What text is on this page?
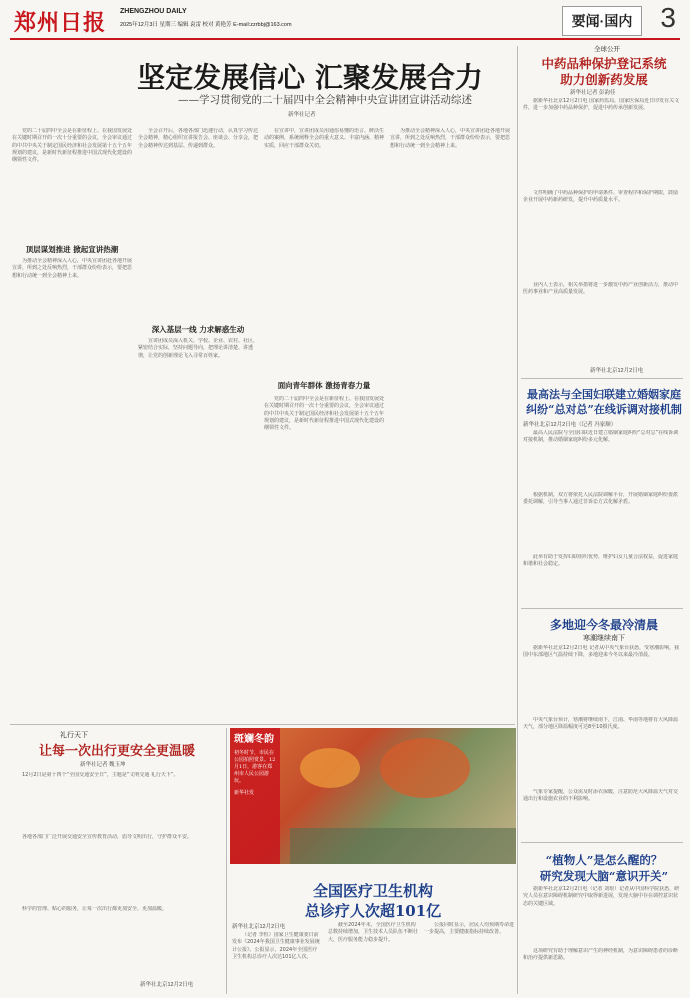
郑州日报 ZHENGZHOU DAILY
2025年12月3日 星期三 编辑 袁雷 校对 黄艳芳 E-mail:zzrbbj@163.com	要闻·国内	3
坚定发展信心 汇聚发展合力
——学习贯彻党的二十届四中全会精神中央宣讲团宣讲活动综述
新华社记者
党的二十届四中全会是在新征程上、在我国发展处在关键时期召开的一次十分重要的会议，全会审议通过的中共中央关于制定国民经济和社会发展第十五个五年规划的建议，是新时代新征程推进中国式现代化建设的纲领性文件。
顶层谋划推进 掀起宣讲热潮
为推动全会精神深入人心，中央宣讲团赴各地开展宣讲，所到之处反响热烈，干部群众纷纷表示，要把思想和行动统一到全会精神上来。
全会召开后，各地各部门迅速行动，认真学习传达全会精神，精心组织宣讲报告会、座谈会、分享会，把全会精神传达到基层、传递到群众。
深入基层一线 力求解惑生动
宣讲团成员深入机关、学校、企业、农村、社区，紧密结合实际，坚持问题导向，把理论讲清楚、讲透彻，让党的创新理论飞入寻常百姓家。
在宣讲中，宣讲团成员用通俗易懂的语言、鲜活生动的案例，系统阐释全会的重大意义、丰富内涵、精神实质，回应干部群众关切。
面向青年群体 激扬青春力量
党的二十届四中全会是在新征程上、在我国发展处在关键时期召开的一次十分重要的会议，全会审议通过的中共中央关于制定国民经济和社会发展第十五个五年规划的建议，是新时代新征程推进中国式现代化建设的纲领性文件。
为推动全会精神深入人心，中央宣讲团赴各地开展宣讲，所到之处反响热烈，干部群众纷纷表示，要把思想和行动统一到全会精神上来。
全球公开
中药品种保护登记系统
助力创新药发展
新华社记者 彭韵佳
据新华社北京12月2日电 国家药监局、国家医保局近日印发有关文件，进一步加强中药品种保护，促进中药传承创新发展。
文件明确了中药品种保护的申请条件、审查程序和保护期限，鼓励企业开展中药新药研发，提升中药质量水平。
业内人士表示，相关举措将进一步激发中药产业创新活力，推动中医药事业和产业高质量发展。
新华社北京12月2日电
最高法与全国妇联建立婚姻家庭
纠纷“总对总”在线诉调对接机制
新华社北京12月2日电（记者 冯家顺）
最高人民法院与全国妇联近日建立婚姻家庭纠纷“总对总”在线诉调对接机制，推动婚姻家庭纠纷多元化解。
根据机制，双方将依托人民法院调解平台，开展婚姻家庭纠纷委派委托调解，引导当事人通过非诉讼方式化解矛盾。
此举有助于发挥妇联组织优势，维护妇女儿童合法权益，促进家庭和谐和社会稳定。
多地迎今冬最冷清晨
寒潮继续南下
据新华社北京12月2日电 记者从中央气象台获悉，受寒潮影响，我国中东部地区气温持续下降，多地迎来今冬以来最冷清晨。
中央气象台预计，寒潮将继续南下，江南、华南等地将有大风降温天气，部分地区降温幅度可达8至10摄氏度。
气象专家提醒，公众需及时添衣保暖，注意防范大风降温天气对交通出行和设施农业的不利影响。
“植物人”是怎么醒的？
研究发现大脑“意识开关”
据新华社北京12月2日电（记者 刘垠）记者从中国科学院获悉，研究人员在意识障碍机制研究中取得新进展，发现大脑中存在调控意识状态的关键区域。
这项研究有助于理解意识产生的神经机制，为意识障碍患者的诊断和治疗提供新思路。
礼行天下
让每一次出行更安全更温暖
新华社记者 魏玉坤
12月2日是第十四个“全国交通安全日”，主题是“文明交通 礼行天下”。
各地各部门广泛开展交通安全宣传教育活动，倡导文明出行，守护群众平安。
科学的管理、贴心的服务，让每一次出行都更加安全、更加温暖。
新华社北京12月2日电
斑斓冬韵
初冬时节，市民在公园拍照赏景。12月1日，游客在郑州市人民公园游玩。
新华社发
全国医疗卫生机构
总诊疗人次超101亿
新华社北京12月2日电
（记者 李恒）国家卫生健康委日前发布《2024年我国卫生健康事业发展统计公报》。公报显示，2024年全国医疗卫生机构总诊疗人次达101亿人次。
截至2024年末，全国医疗卫生机构总数持续增加，卫生技术人员队伍不断壮大，医疗服务能力稳步提升。
公报同时显示，居民人均预期寿命进一步提高，主要健康指标持续改善。
